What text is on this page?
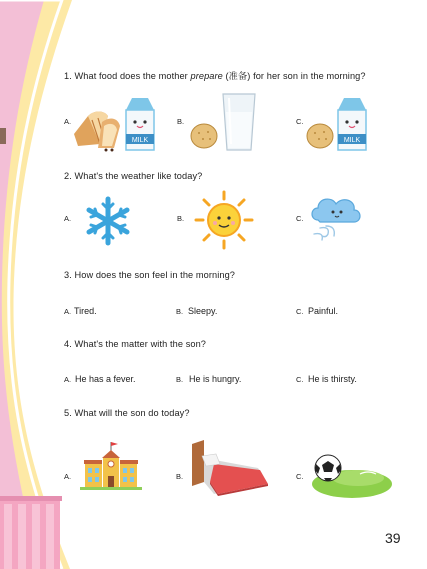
1. What food does the mother prepare (准备) for her son in the morning?
A.
MILK
B.	C.
MILK
2. What's the weather like today?
A.	B.	C.
3. How does the son feel in the morning?
A. Tired.	B. Sleepy.	C. Painful.
4. What's the matter with the son?
A. He has a fever.	B. He is hungry.	C. He is thirsty.
5. What will the son do today?
A.	B.	C.
39
